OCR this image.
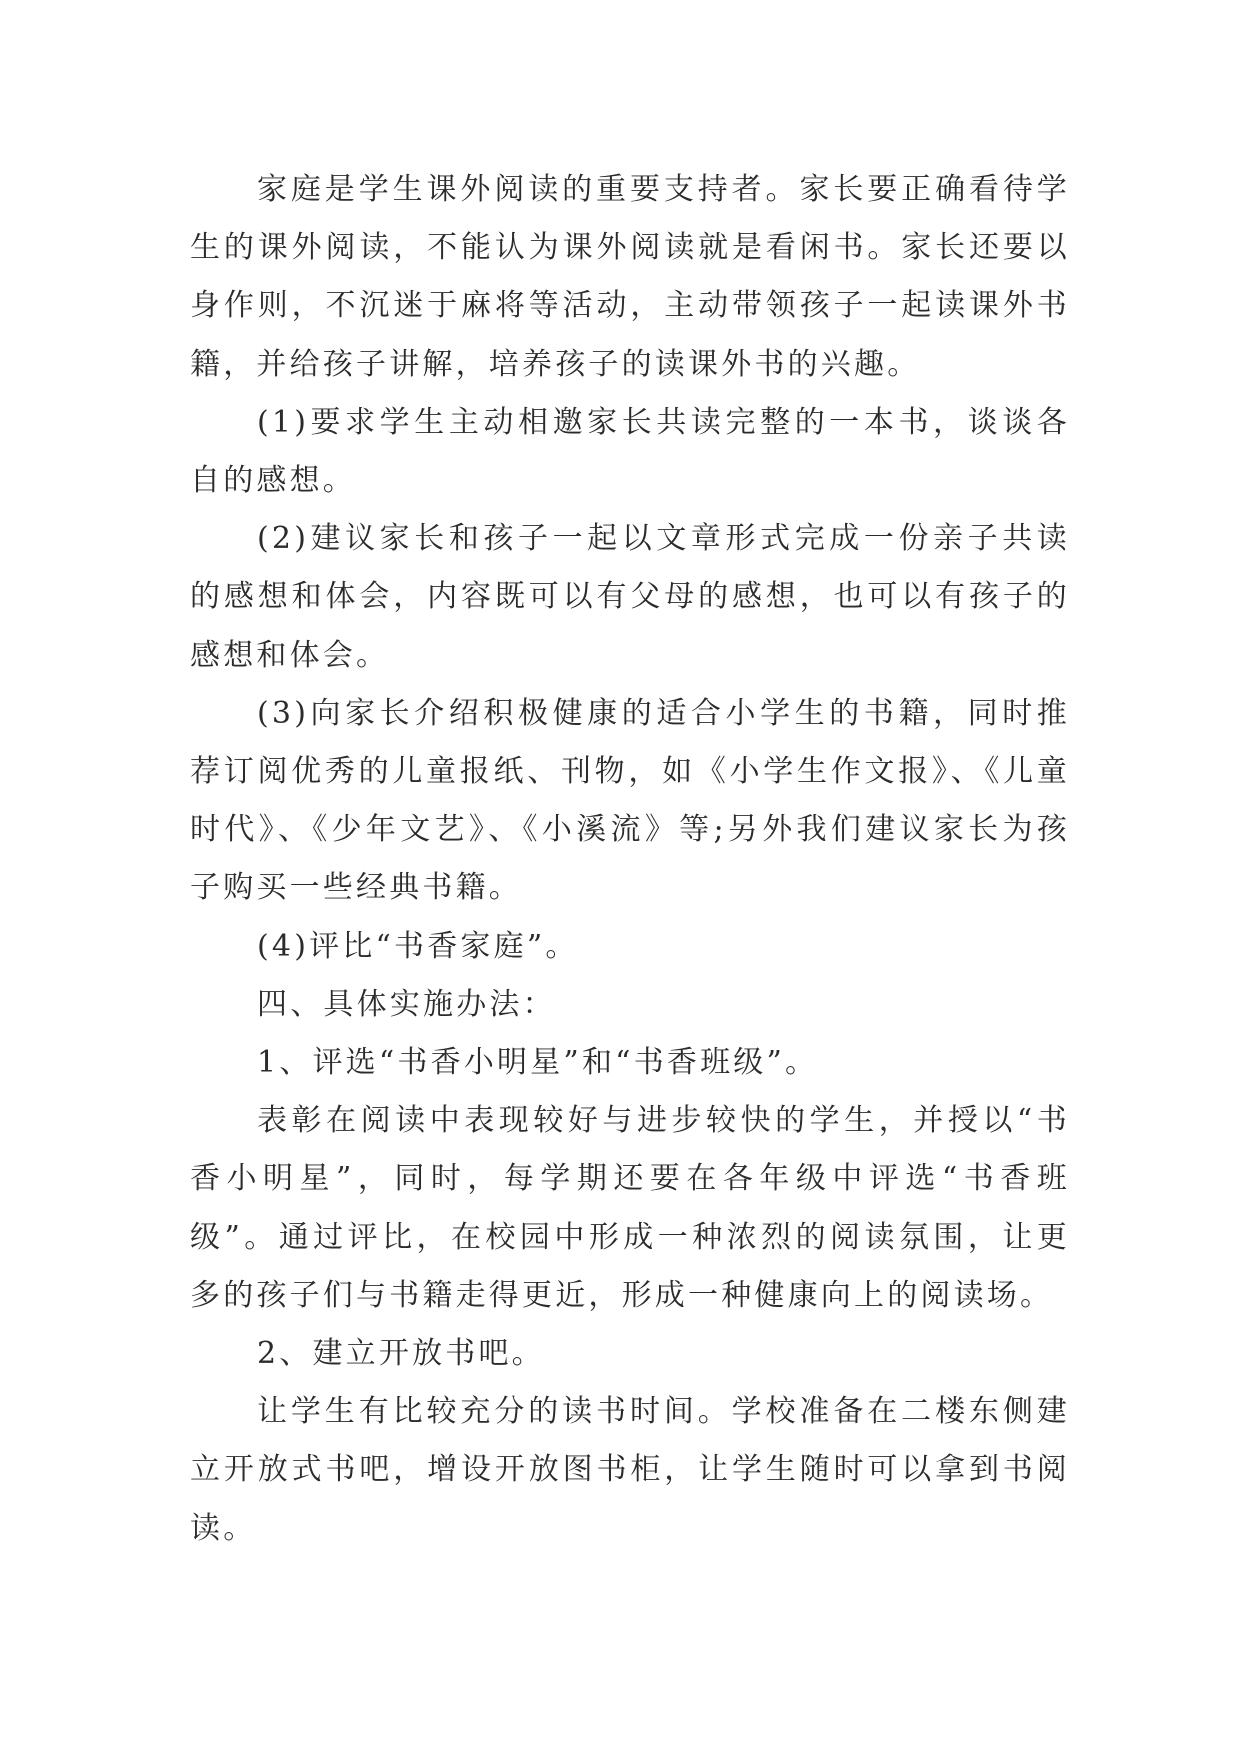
家庭是学生课外阅读的重要支持者。家长要正确看待学生的课外阅读，不能认为课外阅读就是看闲书。家长还要以身作则，不沉迷于麻将等活动，主动带领孩子一起读课外书籍，并给孩子讲解，培养孩子的读课外书的兴趣。

(1)要求学生主动相邀家长共读完整的一本书，谈谈各自的感想。

(2)建议家长和孩子一起以文章形式完成一份亲子共读的感想和体会，内容既可以有父母的感想，也可以有孩子的感想和体会。

(3)向家长介绍积极健康的适合小学生的书籍，同时推荐订阅优秀的儿童报纸、刊物，如《小学生作文报》、《儿童时代》、《少年文艺》、《小溪流》等;另外我们建议家长为孩子购买一些经典书籍。

(4)评比“书香家庭”。

四、具体实施办法：

1、评选“书香小明星”和“书香班级”。

表彰在阅读中表现较好与进步较快的学生，并授以“书香小明星”，同时，每学期还要在各年级中评选“书香班级”。通过评比，在校园中形成一种浓烈的阅读氛围，让更多的孩子们与书籍走得更近，形成一种健康向上的阅读场。

2、建立开放书吧。

让学生有比较充分的读书时间。学校准备在二楼东侧建立开放式书吧，增设开放图书柜，让学生随时可以拿到书阅读。
